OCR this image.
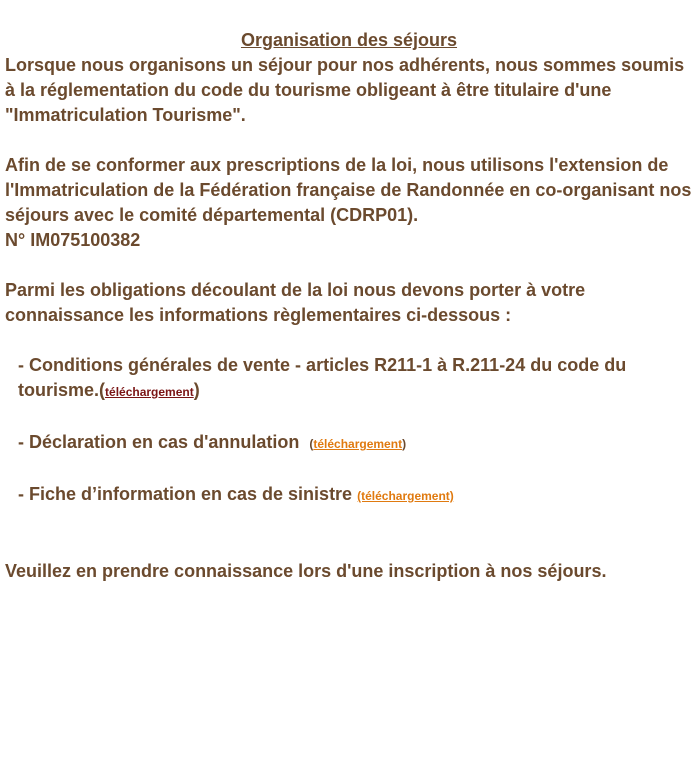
Organisation des séjours

Lorsque nous organisons un séjour pour nos adhérents, nous sommes soumis à la réglementation du code du tourisme obligeant à être titulaire d'une "Immatriculation Tourisme".

Afin de se conformer aux prescriptions de la loi, nous utilisons l'extension de l'Immatriculation de la Fédération française de Randonnée en co-organisant nos séjours avec le comité départemental (CDRP01).

N° IM075100382

Parmi les obligations découlant de la loi nous devons porter à votre connaissance les informations règlementaires ci-dessous :

- Conditions générales de vente - articles R211-1 à R.211-24 du code du tourisme.(téléchargement)

- Déclaration en cas d'annulation (téléchargement)

- Fiche d’information en cas de sinistre (téléchargement)

Veuillez en prendre connaissance lors d'une inscription à nos séjours.
